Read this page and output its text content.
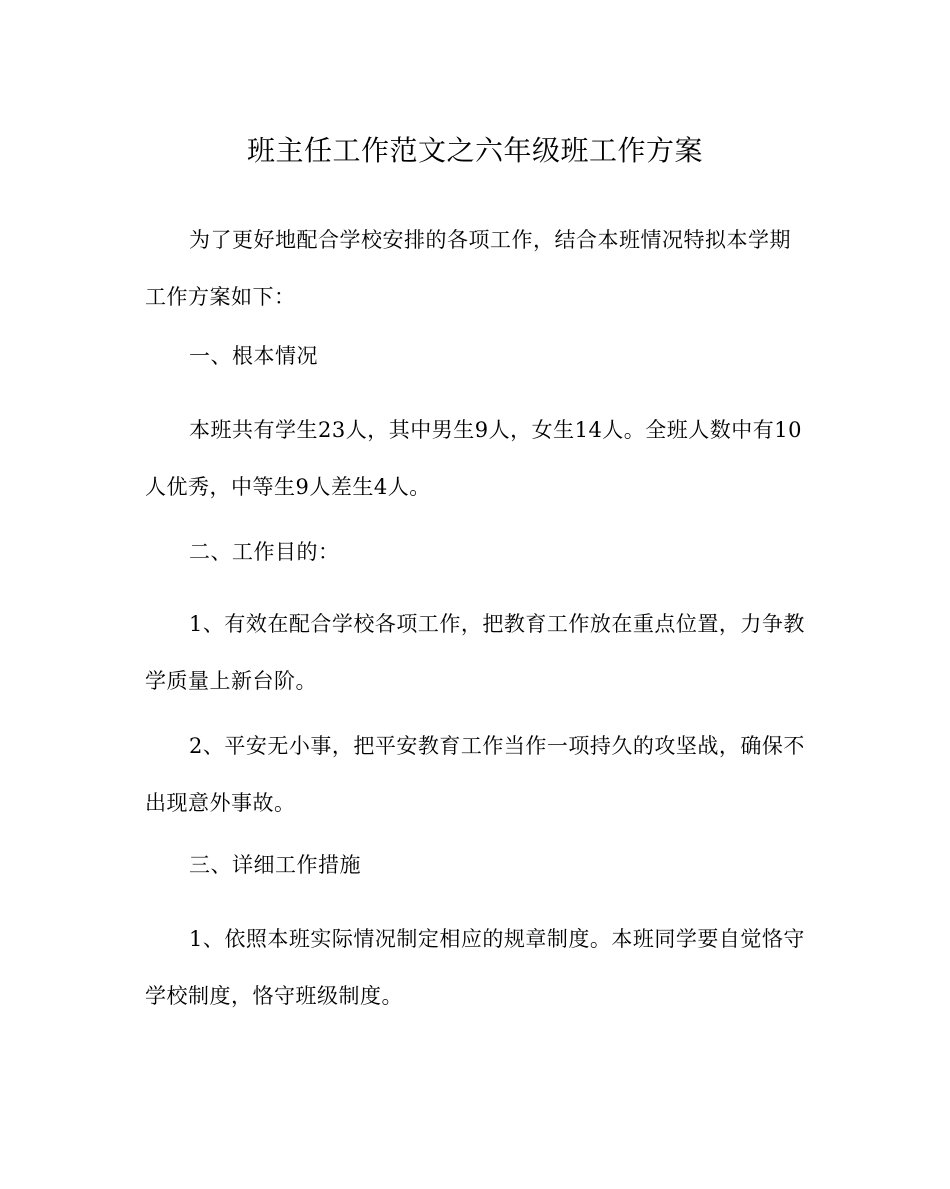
班主任工作范文之六年级班工作方案
为了更好地配合学校安排的各项工作，结合本班情况特拟本学期工作方案如下：
一、根本情况
本班共有学生23人，其中男生9人，女生14人。全班人数中有10人优秀，中等生9人差生4人。
二、工作目的：
1、有效在配合学校各项工作，把教育工作放在重点位置，力争教学质量上新台阶。
2、平安无小事，把平安教育工作当作一项持久的攻坚战，确保不出现意外事故。
三、详细工作措施
1、依照本班实际情况制定相应的规章制度。本班同学要自觉恪守学校制度，恪守班级制度。
